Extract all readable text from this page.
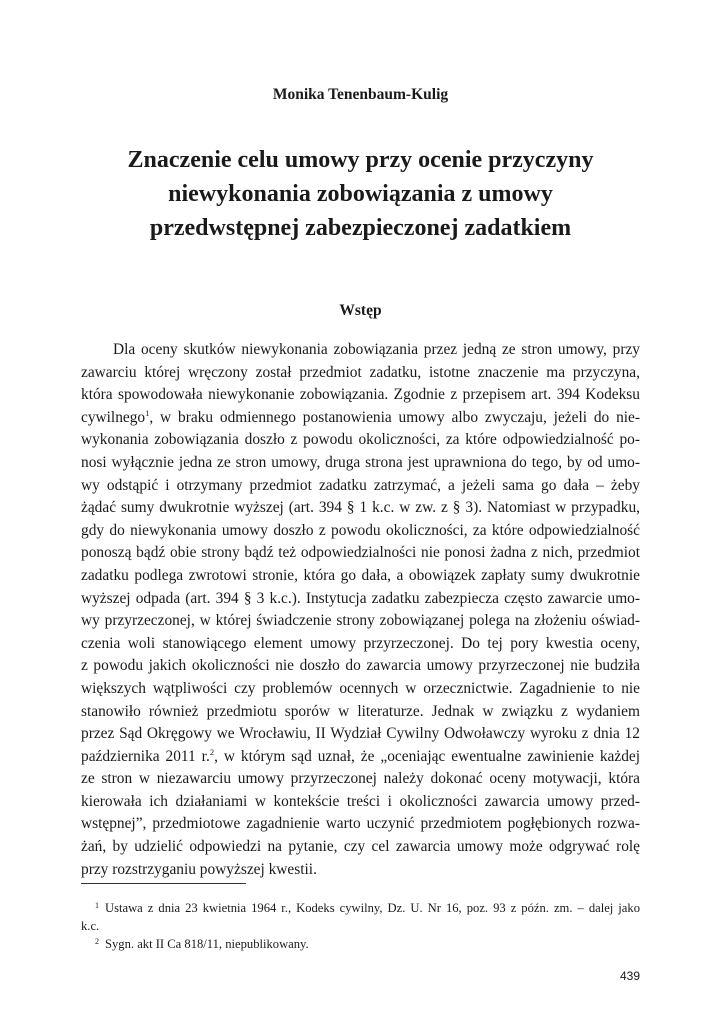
Monika Tenenbaum-Kulig
Znaczenie celu umowy przy ocenie przyczyny
niewykonania zobowiązania z umowy
przedwstępnej zabezpieczonej zadatkiem
Wstęp
Dla oceny skutków niewykonania zobowiązania przez jedną ze stron umowy, przy
zawarciu której wręczony został przedmiot zadatku, istotne znaczenie ma przyczyna,
która spowodowała niewykonanie zobowiązania. Zgodnie z przepisem art. 394 Kodeksu
cywilnego$^1$, w braku odmiennego postanowienia umowy albo zwyczaju, jeżeli do nie-
wykonania zobowiązania doszło z powodu okoliczności, za które odpowiedzialność po-
nosi wyłącznie jedna ze stron umowy, druga strona jest uprawniona do tego, by od umo-
wy odstąpić i otrzymany przedmiot zadatku zatrzymać, a jeżeli sama go dała – żeby
żądać sumy dwukrotnie wyższej (art. 394 § 1 k.c. w zw. z § 3). Natomiast w przypadku,
gdy do niewykonania umowy doszło z powodu okoliczności, za które odpowiedzialność
ponoszą bądź obie strony bądź też odpowiedzialności nie ponosi żadna z nich, przedmiot
zadatku podlega zwrotowi stronie, która go dała, a obowiązek zapłaty sumy dwukrotnie
wyższej odpada (art. 394 § 3 k.c.). Instytucja zadatku zabezpiecza często zawarcie umo-
wy przyrzeczonej, w której świadczenie strony zobowiązanej polega na złożeniu oświad-
czenia woli stanowiącego element umowy przyrzeczonej. Do tej pory kwestia oceny,
z powodu jakich okoliczności nie doszło do zawarcia umowy przyrzeczonej nie budziła
większych wątpliwości czy problemów ocennych w orzecznictwie. Zagadnienie to nie
stanowiło również przedmiotu sporów w literaturze. Jednak w związku z wydaniem
przez Sąd Okręgowy we Wrocławiu, II Wydział Cywilny Odwoławczy wyroku z dnia 12
października 2011 r.$^2$, w którym sąd uznał, że „oceniając ewentualne zawinienie każdej
ze stron w niezawarciu umowy przyrzeczonej należy dokonać oceny motywacji, która
kierowała ich działaniami w kontekście treści i okoliczności zawarcia umowy przed-
wstępnej”, przedmiotowe zagadnienie warto uczynić przedmiotem pogłębionych rozwa-
żań, by udzielić odpowiedzi na pytanie, czy cel zawarcia umowy może odgrywać rolę
przy rozstrzyganiu powyższej kwestii.
$^1$ Ustawa z dnia 23 kwietnia 1964 r., Kodeks cywilny, Dz. U. Nr 16, poz. 93 z późn. zm. – dalej jako
k.c.
$^2$ Sygn. akt II Ca 818/11, niepublikowany.
439
